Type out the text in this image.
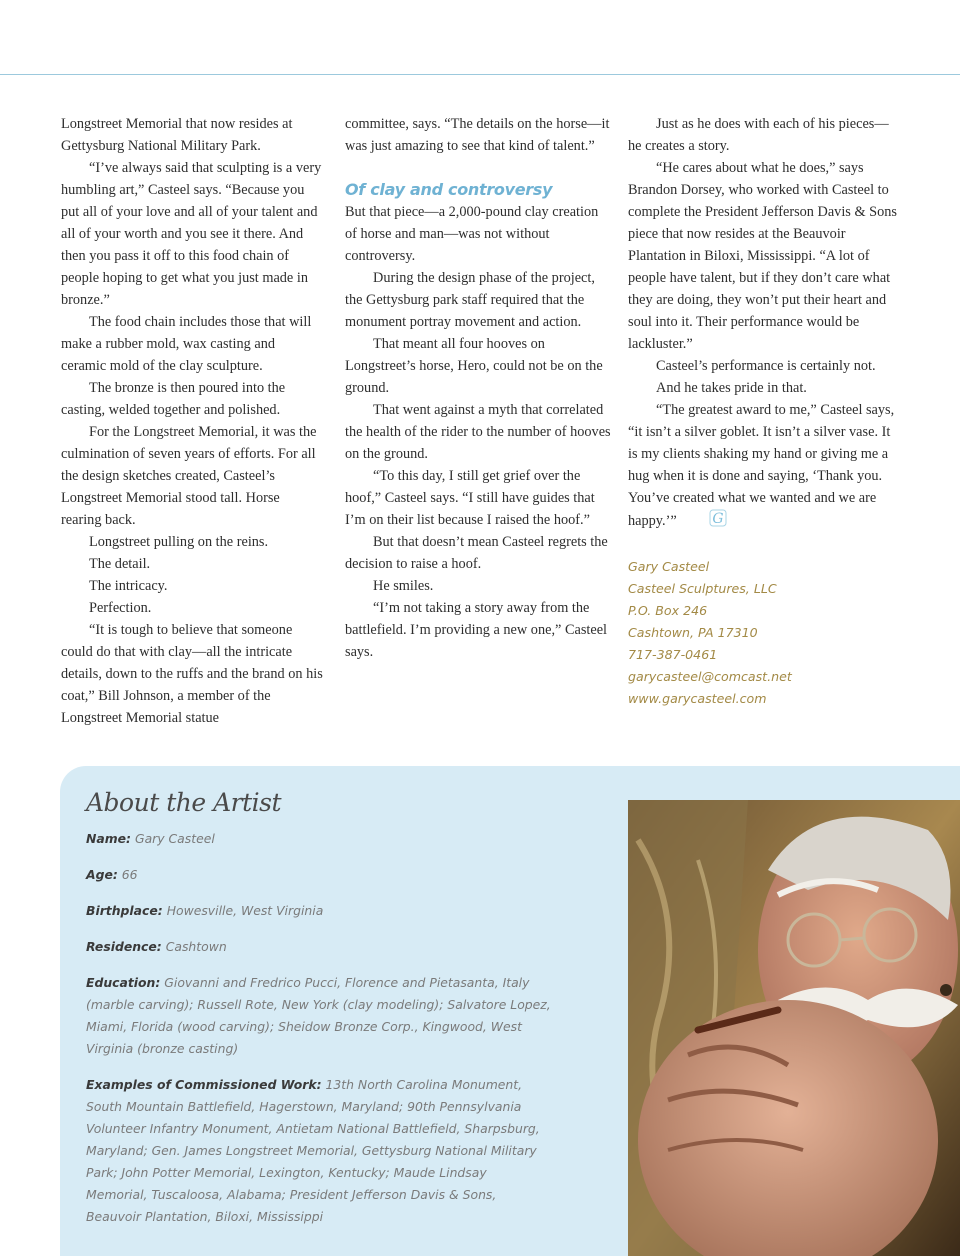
Longstreet Memorial that now resides at Gettysburg National Military Park.

“I’ve always said that sculpting is a very humbling art,” Casteel says. “Because you put all of your love and all of your talent and all of your worth and you see it there. And then you pass it off to this food chain of people hoping to get what you just made in bronze.”

The food chain includes those that will make a rubber mold, wax casting and ceramic mold of the clay sculpture.

The bronze is then poured into the casting, welded together and polished.

For the Longstreet Memorial, it was the culmination of seven years of efforts. For all the design sketches created, Casteel’s Longstreet Memorial stood tall. Horse rearing back.

Longstreet pulling on the reins.

The detail.

The intricacy.

Perfection.

“It is tough to believe that someone could do that with clay—all the intricate details, down to the ruffs and the brand on his coat,” Bill Johnson, a member of the Longstreet Memorial statue

committee, says. “The details on the horse—it was just amazing to see that kind of talent.”

Of clay and controversy

But that piece—a 2,000-pound clay creation of horse and man—was not without controversy.

During the design phase of the project, the Gettysburg park staff required that the monument portray movement and action.

That meant all four hooves on Longstreet’s horse, Hero, could not be on the ground.

That went against a myth that correlated the health of the rider to the number of hooves on the ground.

“To this day, I still get grief over the hoof,” Casteel says. “I still have guides that I’m on their list because I raised the hoof.”

But that doesn’t mean Casteel regrets the decision to raise a hoof.

He smiles.

“I’m not taking a story away from the battlefield. I’m providing a new one,” Casteel says.

Just as he does with each of his pieces—he creates a story.

“He cares about what he does,” says Brandon Dorsey, who worked with Casteel to complete the President Jefferson Davis & Sons piece that now resides at the Beauvoir Plantation in Biloxi, Mississippi. “A lot of people have talent, but if they don’t care what they are doing, they won’t put their heart and soul into it. Their performance would be lackluster.”

Casteel’s performance is certainly not.

And he takes pride in that.

“The greatest award to me,” Casteel says, “it isn’t a silver goblet. It isn’t a silver vase. It is my clients shaking my hand or giving me a hug when it is done and saying, ‘Thank you. You’ve created what we wanted and we are happy.’”	G

Gary Casteel
Casteel Sculptures, LLC
P.O. Box 246
Cashtown, PA 17310
717-387-0461
garycasteel@comcast.net
www.garycasteel.com
About the Artist

Name: Gary Casteel

Age: 66

Birthplace: Howesville, West Virginia

Residence: Cashtown

Education: Giovanni and Fredrico Pucci, Florence and Pietasanta, Italy (marble carving); Russell Rote, New York (clay modeling); Salvatore Lopez, Miami, Florida (wood carving); Sheidow Bronze Corp., Kingwood, West Virginia (bronze casting)

Examples of Commissioned Work: 13th North Carolina Monument, South Mountain Battlefield, Hagerstown, Maryland; 90th Pennsylvania Volunteer Infantry Monument, Antietam National Battlefield, Sharpsburg, Maryland; Gen. James Longstreet Memorial, Gettysburg National Military Park; John Potter Memorial, Lexington, Kentucky; Maude Lindsay Memorial, Tuscaloosa, Alabama; President Jefferson Davis & Sons, Beauvoir Plantation, Biloxi, Mississippi
